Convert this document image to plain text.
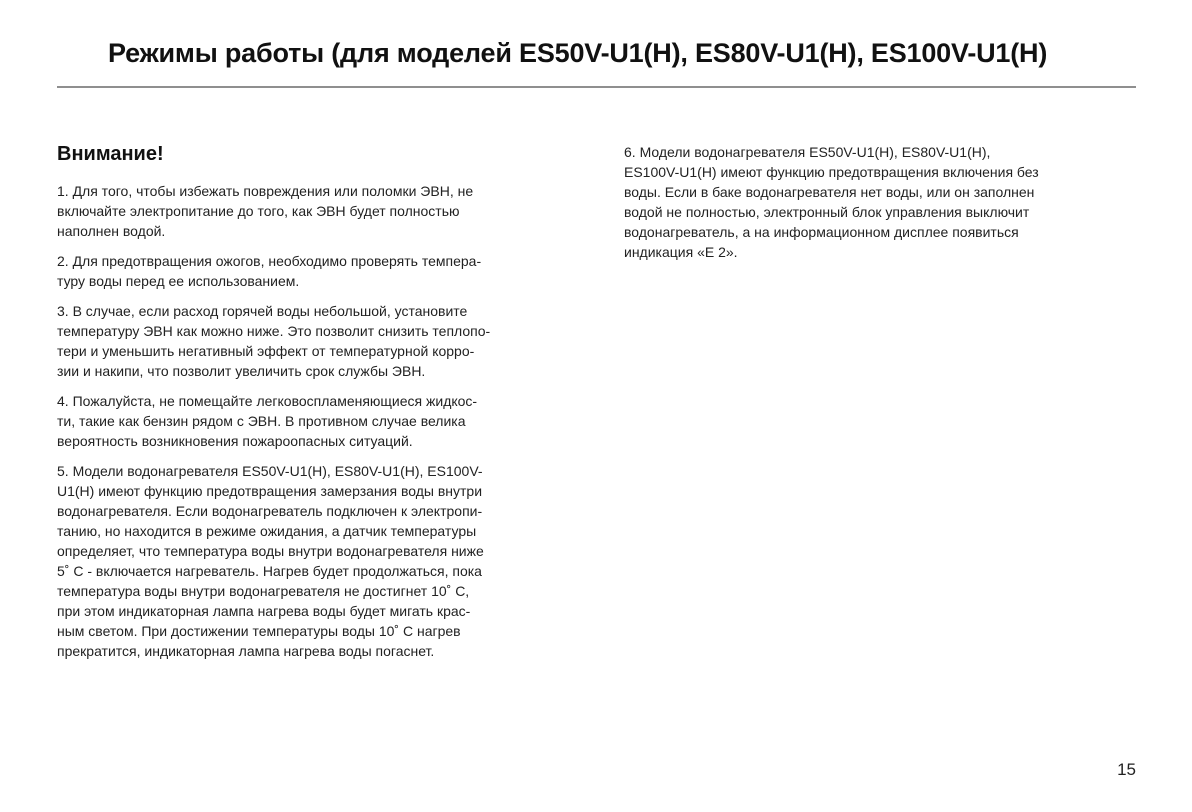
Режимы работы (для моделей ES50V-U1(H), ES80V-U1(H), ES100V-U1(H)
Внимание!

1. Для того, чтобы избежать повреждения или поломки ЭВН, не
включайте электропитание до того, как ЭВН будет полностью
наполнен водой.

2. Для предотвращения ожогов, необходимо проверять темпера-
туру воды перед ее использованием.

3. В случае, если расход горячей воды небольшой, установите
температуру ЭВН как можно ниже. Это позволит снизить теплопо-
тери и уменьшить негативный эффект от температурной корро-
зии и накипи, что позволит увеличить срок службы ЭВН.

4. Пожалуйста, не помещайте легковоспламеняющиеся жидкос-
ти, такие как бензин рядом с ЭВН. В противном случае велика
вероятность возникновения пожароопасных ситуаций.

5. Модели водонагревателя ES50V-U1(H), ES80V-U1(H), ES100V-
U1(H) имеют функцию предотвращения замерзания воды внутри
водонагревателя. Если водонагреватель подключен к электропи-
танию, но находится в режиме ожидания, а датчик температуры
определяет, что температура воды внутри водонагревателя ниже
5˚ С - включается нагреватель. Нагрев будет продолжаться, пока
температура воды внутри водонагревателя не достигнет 10˚ С,
при этом индикаторная лампа нагрева воды будет мигать крас-
ным светом. При достижении температуры воды 10˚ С нагрев
прекратится, индикаторная лампа нагрева воды погаснет.

6. Модели водонагревателя ES50V-U1(H), ES80V-U1(H),
ES100V-U1(H) имеют функцию предотвращения включения без
воды. Если в баке водонагревателя нет воды, или он заполнен
водой не полностью, электронный блок управления выключит
водонагреватель, а на информационном дисплее появиться
индикация «Е 2».

15
